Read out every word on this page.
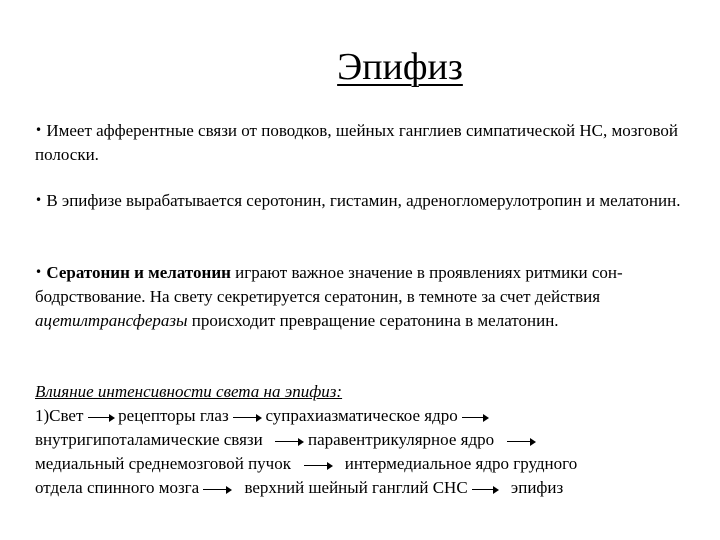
Эпифиз

• Имеет афферентные связи от поводков, шейных ганглиев симпатической НС, мозговой полоски.

• В эпифизе вырабатывается серотонин, гистамин, адреногломерулотропин и мелатонин.

• Сератонин и мелатонин играют важное значение в проявлениях ритмики сон-бодрствование. На свету секретируется сератонин, в темноте за счет действия ацетилтрансферазы происходит превращение сератонина в мелатонин.

Влияние интенсивности света на эпифиз:
1)Свет рецепторы глаз супрахиазматическое ядро
внутригипоталамические связи	паравентрикулярное ядро
медиальный среднемозговой пучок	интермедиальное ядро грудного
отдела спинного мозга	верхний шейный ганглий СНС	эпифиз
